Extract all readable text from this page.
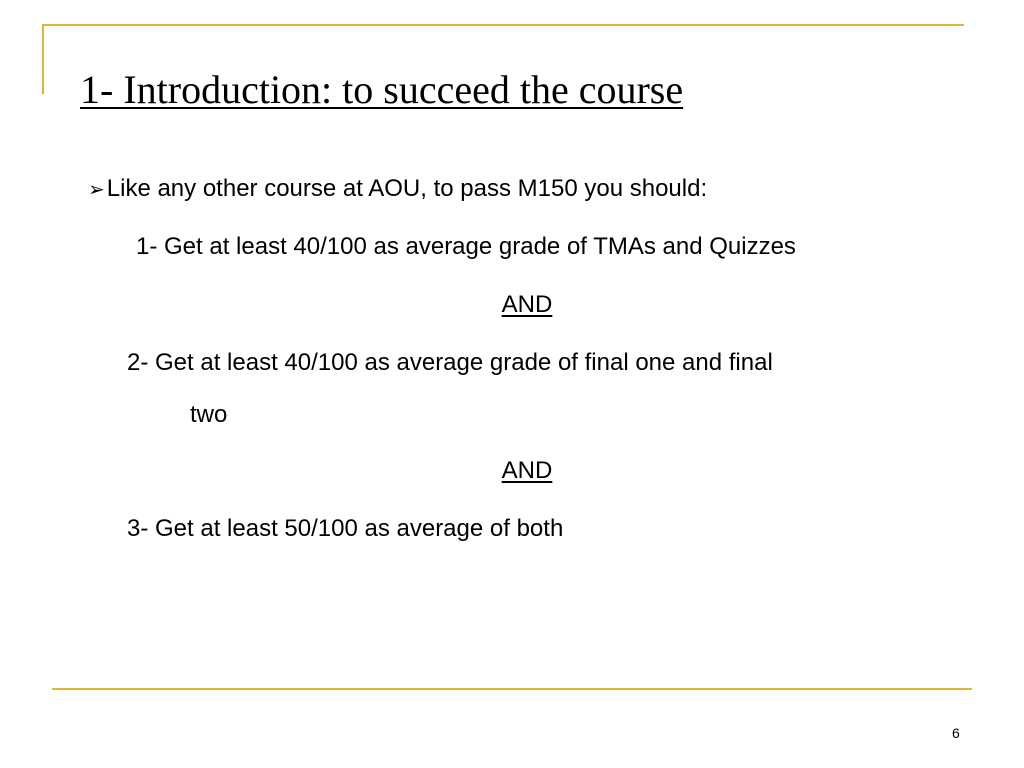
1- Introduction: to succeed the course
➢Like any other course at AOU, to pass M150 you should:
1- Get at least 40/100 as average grade of TMAs and Quizzes
AND
2- Get at least 40/100 as average grade of final one and final
two
AND
3- Get at least 50/100 as average of both
6
